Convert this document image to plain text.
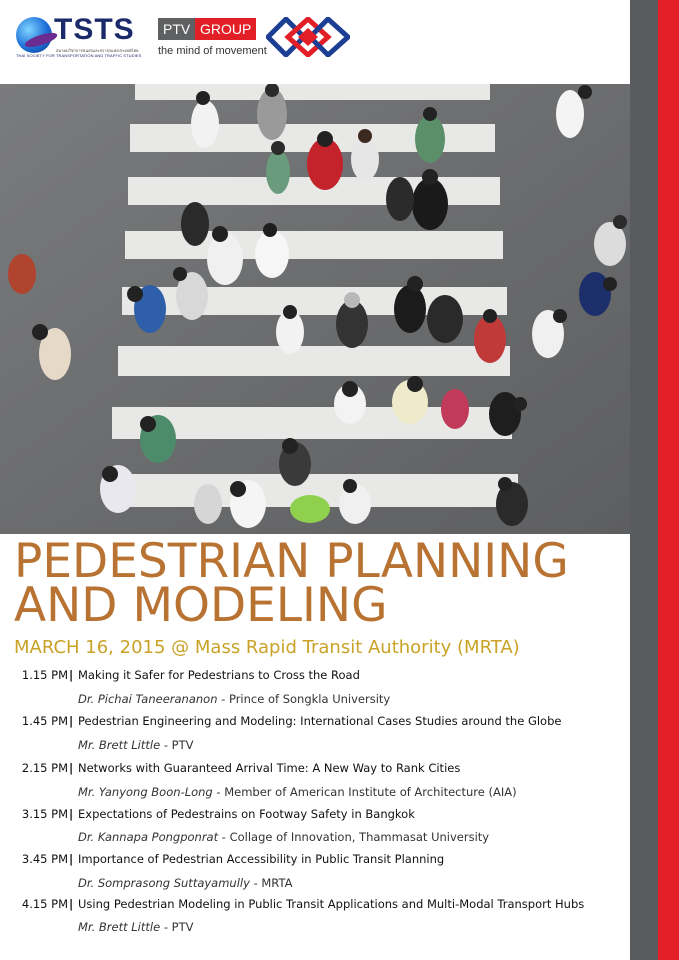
TSTS
สมาคมวิชาการขนส่งและจราจรแห่งประเทศไทย
THAI SOCIETY FOR TRANSPORTATION AND TRAFFIC STUDIES
PTV GROUP
the mind of movement
PEDESTRIAN PLANNING
AND MODELING
MARCH 16, 2015 @ Mass Rapid Transit Authority (MRTA)
1.15 PM | Making it Safer for Pedestrians to Cross the Road
Dr. Pichai Taneerananon - Prince of Songkla University
1.45 PM | Pedestrian Engineering and Modeling: International Cases Studies around the Globe
Mr. Brett Little - PTV
2.15 PM | Networks with Guaranteed Arrival Time: A New Way to Rank Cities
Mr. Yanyong Boon-Long - Member of American Institute of Architecture (AIA)
3.15 PM | Expectations of Pedestrains on Footway Safety in Bangkok
Dr. Kannapa Pongponrat - Collage of Innovation, Thammasat University
3.45 PM | Importance of Pedestrian Accessibility in Public Transit Planning
Dr. Somprasong Suttayamully - MRTA
4.15 PM | Using Pedestrian Modeling in Public Transit Applications and Multi-Modal Transport Hubs
Mr. Brett Little - PTV
